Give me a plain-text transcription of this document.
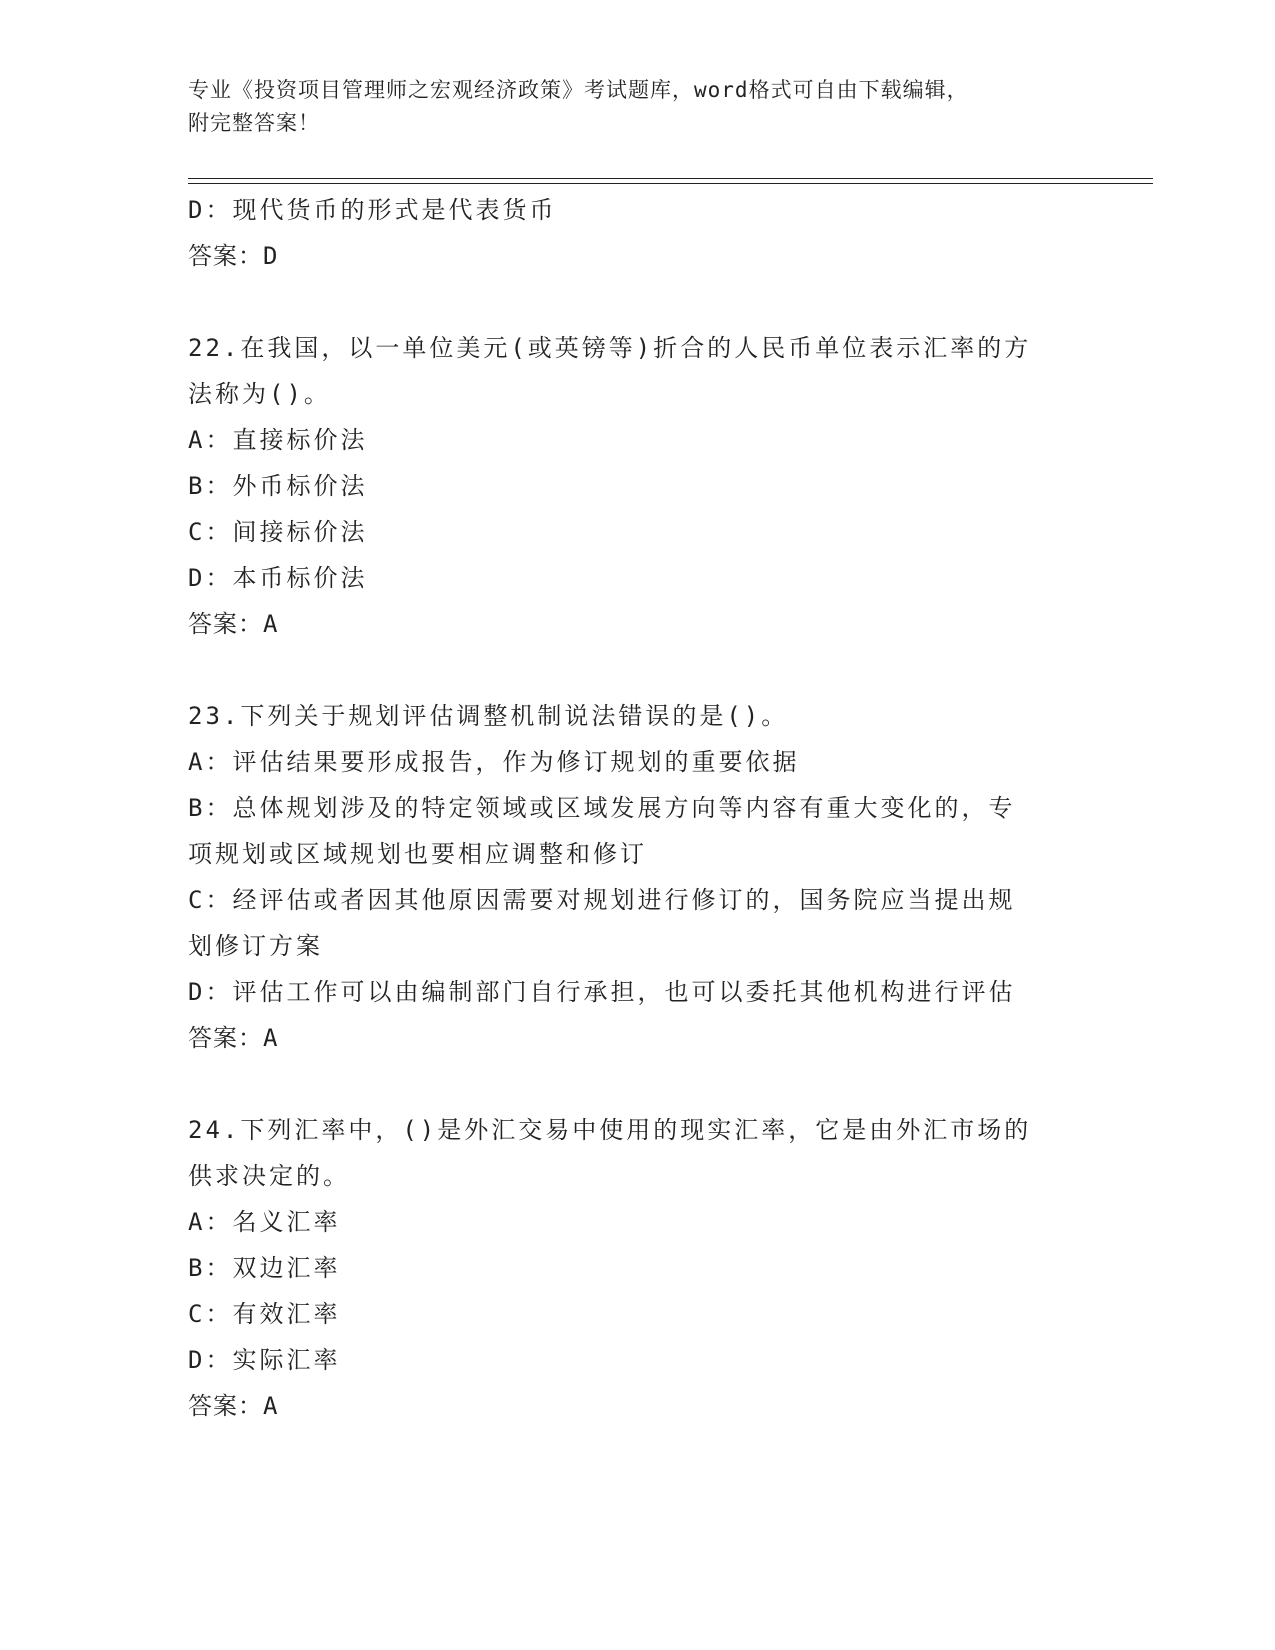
专业《投资项目管理师之宏观经济政策》考试题库，word格式可自由下载编辑，
附完整答案！

D：现代货币的形式是代表货币

答案：D

22.在我国，以一单位美元(或英镑等)折合的人民币单位表示汇率的方

法称为()。

A：直接标价法

B：外币标价法

C：间接标价法

D：本币标价法

答案：A

23.下列关于规划评估调整机制说法错误的是()。

A：评估结果要形成报告，作为修订规划的重要依据

B：总体规划涉及的特定领域或区域发展方向等内容有重大变化的，专

项规划或区域规划也要相应调整和修订

C：经评估或者因其他原因需要对规划进行修订的，国务院应当提出规

划修订方案

D：评估工作可以由编制部门自行承担，也可以委托其他机构进行评估

答案：A

24.下列汇率中，()是外汇交易中使用的现实汇率，它是由外汇市场的

供求决定的。

A：名义汇率

B：双边汇率

C：有效汇率

D：实际汇率

答案：A
